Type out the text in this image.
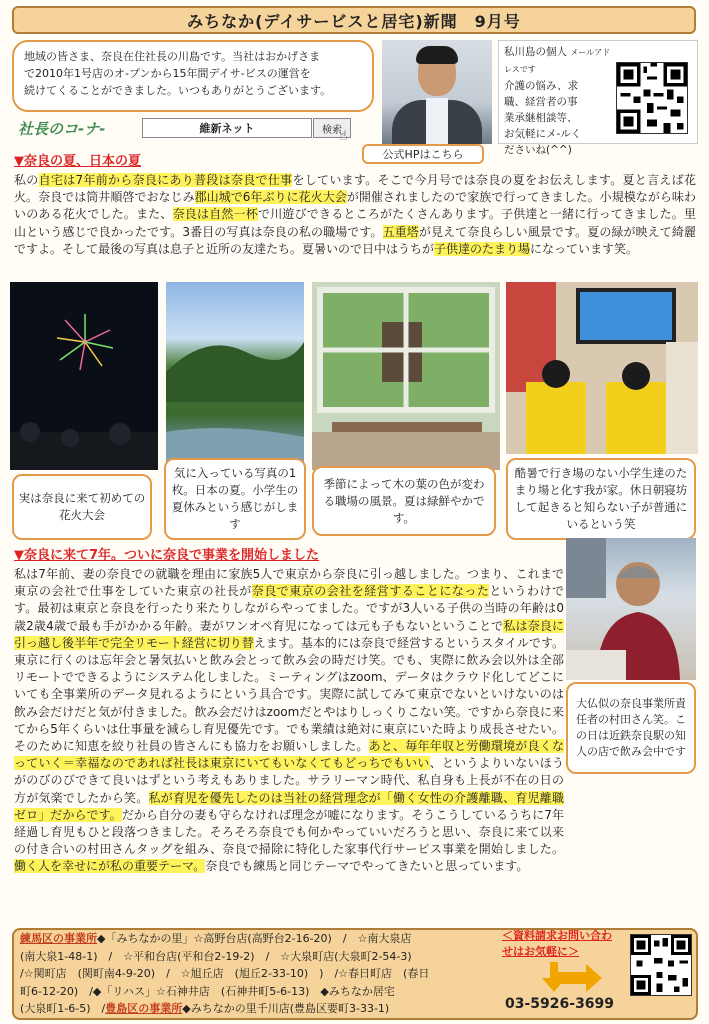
みちなか(デイサービスと居宅)新聞　9月号
地域の皆さま、奈良在住社長の川島です。当社はおかげさま
で2010年1号店のオ-プンから15年間デイサ-ビスの運営を
続けてくることができました。いつもありがとうございます。
社長のコ-ナ-	維新ネット	検索
☝
公式HPはこちら
私川島の個人 メールアドレスです
介護の悩み、求
職、経営者の事
業承継相談等、
お気軽にメ-ルく
ださいね(^^)
▼奈良の夏、日本の夏
私の自宅は7年前から奈良にあり普段は奈良で仕事をしています。そこで今月号では奈良の夏をお伝えします。夏と言えば花火。奈良では筒井順啓でおなじみ郡山城で6年ぶりに花火大会が開催されましたので家族で行ってきました。小規模ながら味わいのある花火でした。また、奈良は自然一杯で川遊びできるところがたくさんあります。子供達と一緒に行ってきました。里山という感じで良かったです。3番目の写真は奈良の私の職場です。五重塔が見えて奈良らしい風景です。夏の緑が映えて綺麗ですよ。そして最後の写真は息子と近所の友達たち。夏暑いので日中はうちが子供達のたまり場になっています笑。
実は奈良に来て初めての花火大会
気に入っている写真の1枚。日本の夏。小学生の夏休みという感じがします
季節によって木の葉の色が変わる職場の風景。夏は緑鮮やかです。
酷暑で行き場のない小学生達のたまり場と化す我が家。休日朝寝坊して起きると知らない子が普通にいるという笑
▼奈良に来て7年。ついに奈良で事業を開始しました
大仏似の奈良事業所責任者の村田さん笑。この日は近鉄奈良駅の知人の店で飲み会中です
私は7年前、妻の奈良での就職を理由に家族5人で東京から奈良に引っ越しました。つまり、これまで東京の会社で仕事をしていた東京の社長が奈良で東京の会社を経営することになったというわけです。最初は東京と奈良を行ったり来たりしながらやってました。ですが3人いる子供の当時の年齢は0歳2歳4歳で最も手がかかる年齢。妻がワンオペ育児になっては元も子もないということで私は奈良に引っ越し後半年で完全リモート経営に切り替えます。基本的には奈良で経営するというスタイルです。東京に行くのは忘年会と暑気払いと飲み会とって飲み会の時だけ笑。でも、実際に飲み会以外は全部リモートでできるようにシステム化しました。ミーティングはzoom、データはクラウド化してどこにいても全事業所のデータ見れるようにという具合です。実際に試してみて東京でないといけないのは飲み会だけだと気が付きました。飲み会だけはzoomだとやはりしっくりこない笑。ですから奈良に来てから5年くらいは仕事量を減らし育児優先です。でも業績は絶対に東京にいた時より成長させたい。そのために知恵を絞り社員の皆さんにも協力をお願いしました。あと、毎年年収と労働環境が良くなっていく＝幸福なのであれば社長は東京にいてもいなくてもどっちでもいい、というよりいないほうがのびのびできて良いはずという考えもありました。サラリーマン時代、私自身も上長が不在の日の方が気楽でしたから笑。私が育児を優先したのは当社の経営理念が「働く女性の介護離職、育児離職ゼロ」だからです。だから自分の妻も守らなければ理念が嘘になります。そうこうしているうちに7年経過し育児もひと段落つきました。そろそろ奈良でも何かやっていいだろうと思い、奈良に来て以来の付き合いの村田さんタッグを組み、奈良で掃除に特化した家事代行サービス事業を開始しました。働く人を幸せにが私の重要テーマ。奈良でも練馬と同じテーマでやってきたいと思っています。
練馬区の事業所◆「みちなかの里」☆高野台店(高野台2-16-20)　/　☆南大泉店
(南大泉1-48-1)　/　☆平和台店(平和台2-19-2)　/　☆大泉町店(大泉町2-54-3)
/☆関町店　(関町南4-9-20)　/　☆旭丘店　(旭丘2-33-10)　)　/☆春日町店　(春日
町6-12-20)　/◆「リハス」☆石神井店　(石神井町5-6-13)　◆みちなか居宅
(大泉町1-6-5)　/豊島区の事業所◆みちなかの里千川店(豊島区要町3-33-1)
＜資料請求お問い合わせはお気軽に＞
03-5926-3699
